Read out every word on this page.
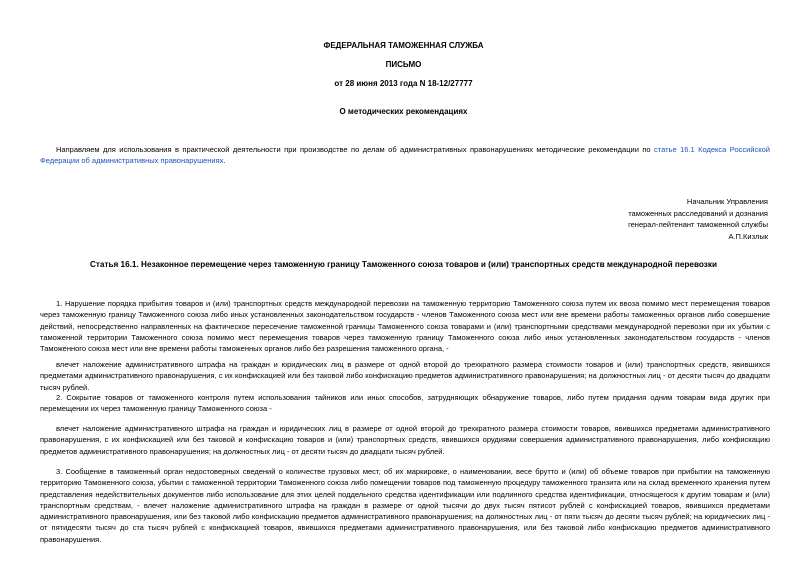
ФЕДЕРАЛЬНАЯ ТАМОЖЕННАЯ СЛУЖБА
ПИСЬМО
от 28 июня 2013 года N 18-12/27777
О методических рекомендациях
Направляем для использования в практической деятельности при производстве по делам об административных правонарушениях методические рекомендации по статье 16.1 Кодекса Российской Федерации об административных правонарушениях.
Начальник Управления
таможенных расследований и дознания
генерал-лейтенант таможенной службы
А.П.Кизлык
Статья 16.1. Незаконное перемещение через таможенную границу Таможенного союза товаров и (или) транспортных средств международной перевозки
1. Нарушение порядка прибытия товаров и (или) транспортных средств международной перевозки на таможенную территорию Таможенного союза путем их ввоза помимо мест перемещения товаров через таможенную границу Таможенного союза либо иных установленных законодательством государств - членов Таможенного союза мест или вне времени работы таможенных органов либо совершение действий, непосредственно направленных на фактическое пересечение таможенной границы Таможенного союза товарами и (или) транспортными средствами международной перевозки при их убытии с таможенной территории Таможенного союза помимо мест перемещения товаров через таможенную границу Таможенного союза либо иных установленных законодательством государств - членов Таможенного союза мест или вне времени работы таможенных органов либо без разрешения таможенного органа, -
влечет наложение административного штрафа на граждан и юридических лиц в размере от одной второй до трехкратного размера стоимости товаров и (или) транспортных средств, явившихся предметами административного правонарушения, с их конфискацией или без таковой либо конфискацию предметов административного правонарушения; на должностных лиц - от десяти тысяч до двадцати тысяч рублей.
2. Сокрытие товаров от таможенного контроля путем использования тайников или иных способов, затрудняющих обнаружение товаров, либо путем придания одним товарам вида других при перемещении их через таможенную границу Таможенного союза -
влечет наложение административного штрафа на граждан и юридических лиц в размере от одной второй до трехкратного размера стоимости товаров, явившихся предметами административного правонарушения, с их конфискацией или без таковой и конфискацию товаров и (или) транспортных средств, явившихся орудиями совершения административного правонарушения, либо конфискацию предметов административного правонарушения; на должностных лиц - от десяти тысяч до двадцати тысяч рублей.
3. Сообщение в таможенный орган недостоверных сведений о количестве грузовых мест, об их маркировке, о наименовании, весе брутто и (или) об объеме товаров при прибытии на таможенную территорию Таможенного союза, убытии с таможенной территории Таможенного союза либо помещении товаров под таможенную процедуру таможенного транзита или на склад временного хранения путем представления недействительных документов либо использование для этих целей поддельного средства идентификации или подлинного средства идентификации, относящегося к другим товарам и (или) транспортным средствам, - влечет наложение административного штрафа на граждан в размере от одной тысячи до двух тысяч пятисот рублей с конфискацией товаров, явившихся предметами административного правонарушения, или без таковой либо конфискацию предметов административного правонарушения; на должностных лиц - от пяти тысяч до десяти тысяч рублей; на юридических лиц - от пятидесяти тысяч до ста тысяч рублей с конфискацией товаров, явившихся предметами административного правонарушения, или без таковой либо конфискацию предметов административного правонарушения.
